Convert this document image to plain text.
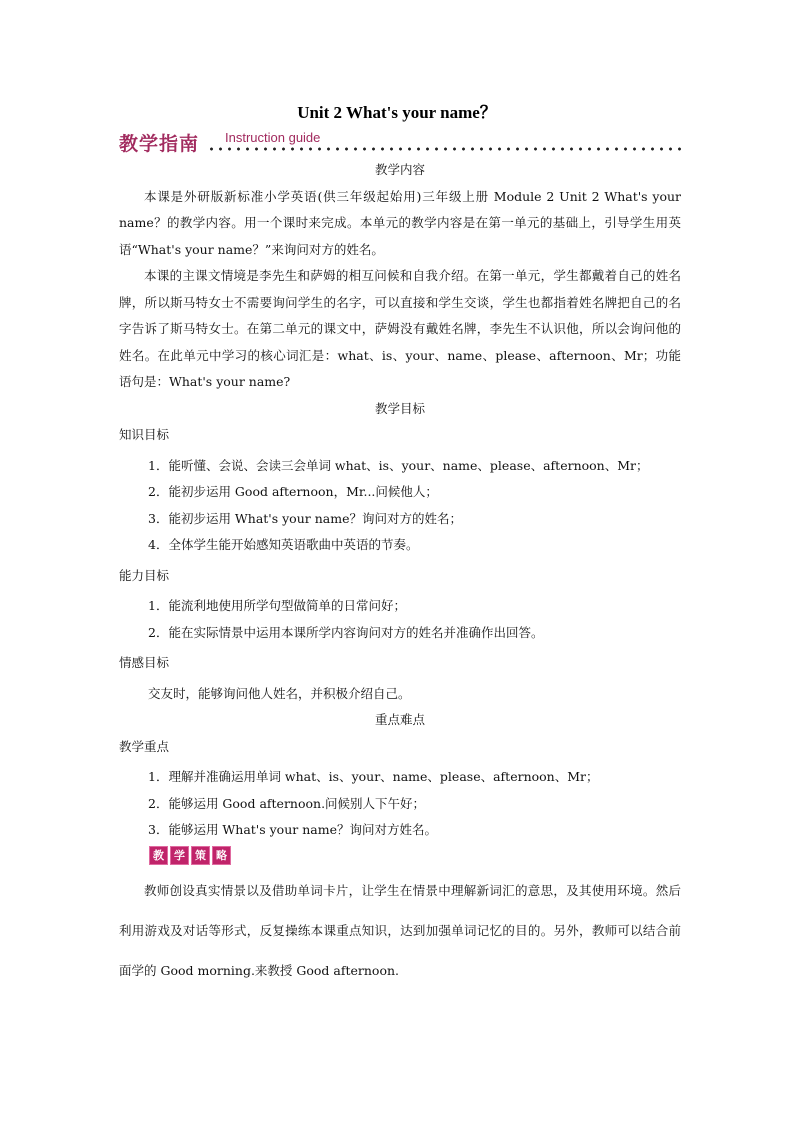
Unit 2 What's your name？
教学指南 Instruction guide

教学内容

本课是外研版新标准小学英语(供三年级起始用)三年级上册 Module 2 Unit 2 What's your name？的教学内容。用一个课时来完成。本单元的教学内容是在第一单元的基础上，引导学生用英语“What's your name？”来询问对方的姓名。

本课的主课文情境是李先生和萨姆的相互问候和自我介绍。在第一单元，学生都戴着自己的姓名牌，所以斯马特女士不需要询问学生的名字，可以直接和学生交谈，学生也都指着姓名牌把自己的名字告诉了斯马特女士。在第二单元的课文中，萨姆没有戴姓名牌，李先生不认识他，所以会询问他的姓名。在此单元中学习的核心词汇是：what、is、your、name、please、afternoon、Mr；功能语句是：What's your name?

教学目标

知识目标

1．能听懂、会说、会读三会单词 what、is、your、name、please、afternoon、Mr；

2．能初步运用 Good afternoon，Mr...问候他人；

3．能初步运用 What's your name？询问对方的姓名；

4．全体学生能开始感知英语歌曲中英语的节奏。

能力目标

1．能流利地使用所学句型做简单的日常问好；

2．能在实际情景中运用本课所学内容询问对方的姓名并准确作出回答。

情感目标

交友时，能够询问他人姓名，并积极介绍自己。

重点难点

教学重点

1．理解并准确运用单词 what、is、your、name、please、afternoon、Mr；

2．能够运用 Good afternoon.问候别人下午好；

3．能够运用 What's your name？询问对方姓名。

教 学 策 略

教师创设真实情景以及借助单词卡片，让学生在情景中理解新词汇的意思，及其使用环境。然后利用游戏及对话等形式，反复操练本课重点知识，达到加强单词记忆的目的。另外，教师可以结合前面学的 Good morning.来教授 Good afternoon.
